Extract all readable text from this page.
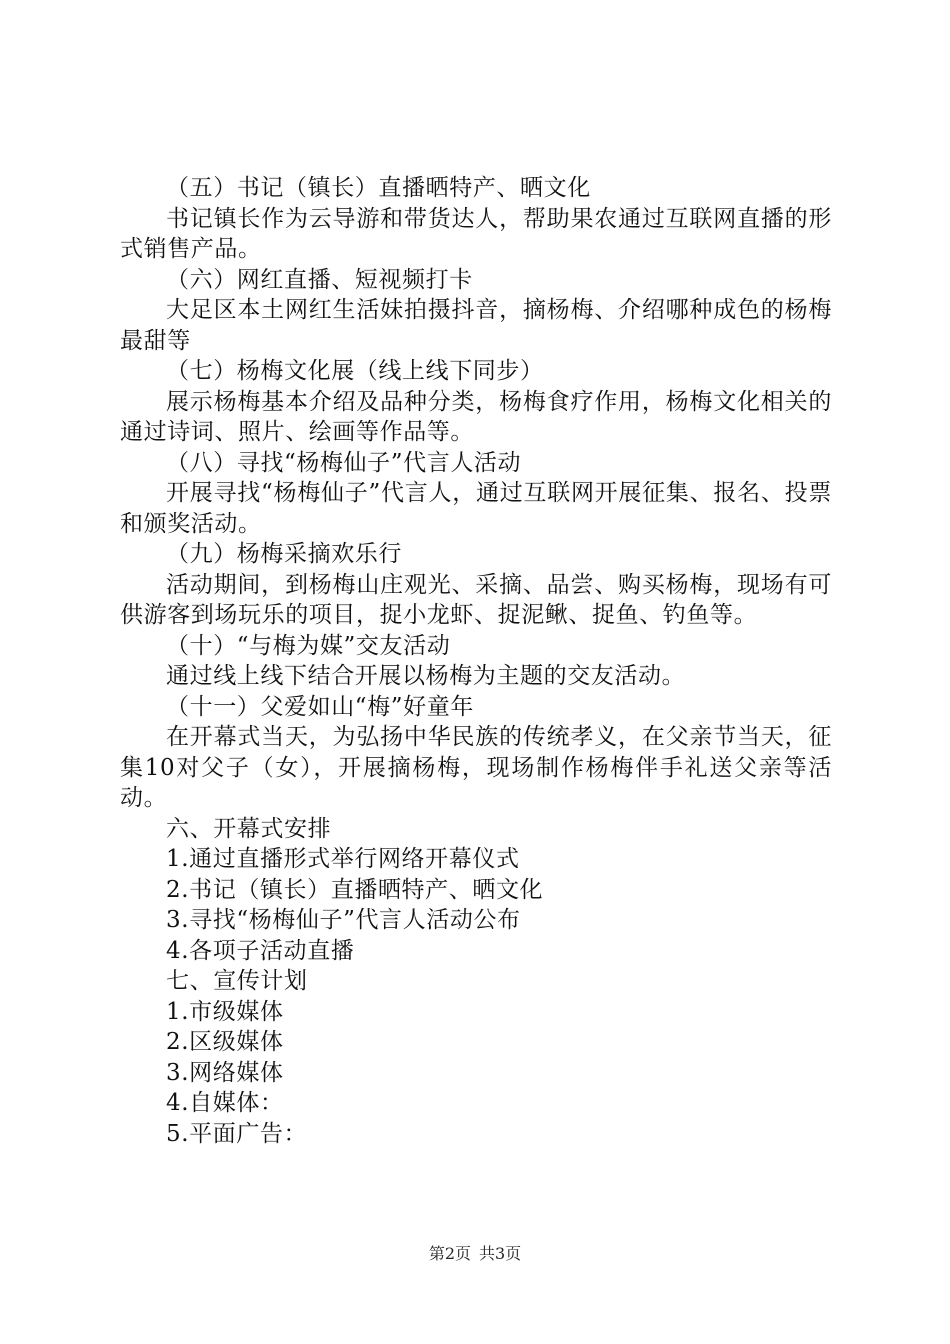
（五）书记（镇长）直播晒特产、晒文化

书记镇长作为云导游和带货达人，帮助果农通过互联网直播的形式销售产品。

（六）网红直播、短视频打卡

大足区本土网红生活妹拍摄抖音，摘杨梅、介绍哪种成色的杨梅最甜等

（七）杨梅文化展（线上线下同步）

展示杨梅基本介绍及品种分类，杨梅食疗作用，杨梅文化相关的通过诗词、照片、绘画等作品等。

（八）寻找“杨梅仙子”代言人活动

开展寻找“杨梅仙子”代言人，通过互联网开展征集、报名、投票和颁奖活动。

（九）杨梅采摘欢乐行

活动期间，到杨梅山庄观光、采摘、品尝、购买杨梅，现场有可供游客到场玩乐的项目，捉小龙虾、捉泥鳅、捉鱼、钓鱼等。

（十）“与梅为媒”交友活动

通过线上线下结合开展以杨梅为主题的交友活动。

（十一）父爱如山“梅”好童年

在开幕式当天，为弘扬中华民族的传统孝义，在父亲节当天，征集10对父子（女），开展摘杨梅，现场制作杨梅伴手礼送父亲等活动。

六、开幕式安排

1.通过直播形式举行网络开幕仪式

2.书记（镇长）直播晒特产、晒文化

3.寻找“杨梅仙子”代言人活动公布

4.各项子活动直播

七、宣传计划

1.市级媒体

2.区级媒体

3.网络媒体

4.自媒体：

5.平面广告：

第2页 共3页
